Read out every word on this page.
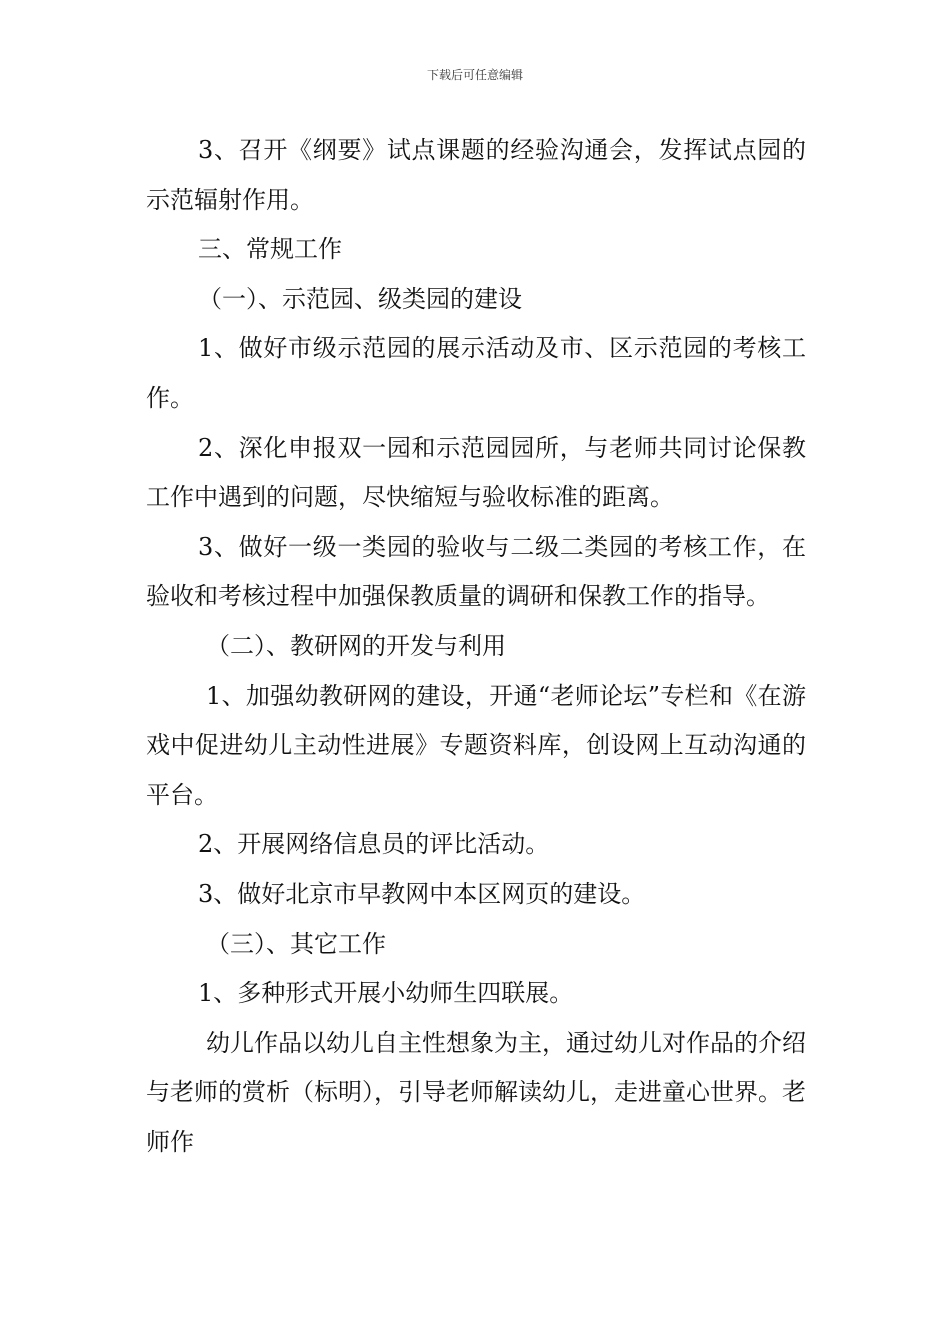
下载后可任意编辑

3、召开《纲要》试点课题的经验沟通会，发挥试点园的示范辐射作用。

三、常规工作

（一）、示范园、级类园的建设

1、做好市级示范园的展示活动及市、区示范园的考核工作。

2、深化申报双一园和示范园园所，与老师共同讨论保教工作中遇到的问题，尽快缩短与验收标准的距离。

3、做好一级一类园的验收与二级二类园的考核工作，在验收和考核过程中加强保教质量的调研和保教工作的指导。

（二）、教研网的开发与利用

1、加强幼教研网的建设，开通“老师论坛”专栏和《在游戏中促进幼儿主动性进展》专题资料库，创设网上互动沟通的平台。

2、开展网络信息员的评比活动。

3、做好北京市早教网中本区网页的建设。

（三）、其它工作

1、多种形式开展小幼师生四联展。

幼儿作品以幼儿自主性想象为主，通过幼儿对作品的介绍与老师的赏析（标明），引导老师解读幼儿，走进童心世界。老师作
